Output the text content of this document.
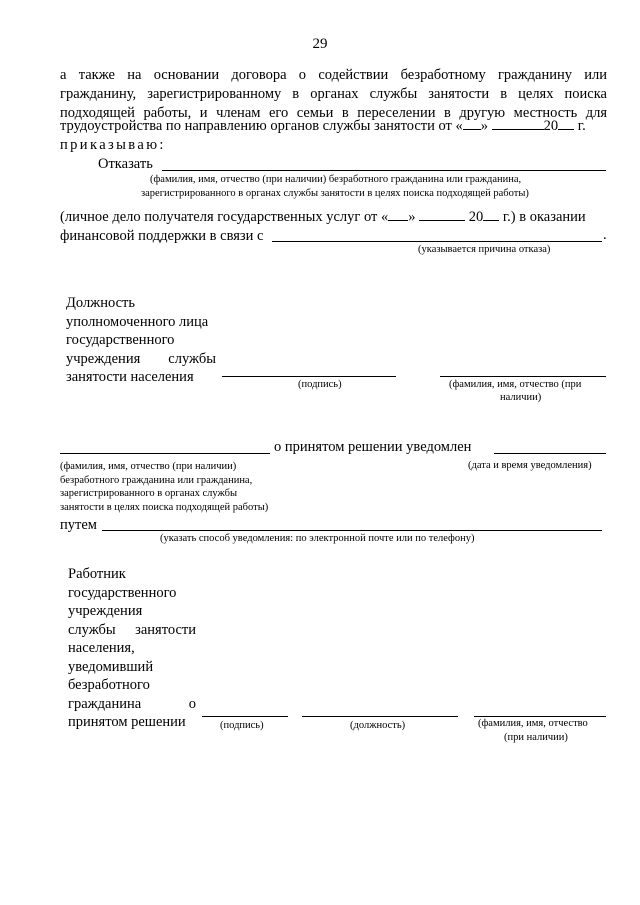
29
а также на основании договора о содействии безработному гражданину или
гражданину, зарегистрированному в органах службы занятости в целях поиска
подходящей работы, и членам его семьи в переселении в другую местность для
трудоустройства по направлению органов службы занятости от « »	20 г.
приказываю:
Отказать
(фамилия, имя, отчество (при наличии) безработного гражданина или гражданина,
зарегистрированного в органах службы занятости в целях поиска подходящей работы)
(личное дело получателя государственных услуг от « »	20 г.) в оказании
финансовой поддержки в связи с	.
(указывается причина отказа)
Должность
уполномоченного лица
государственного
учреждения службы
занятости населения	(подпись)	(фамилия, имя, отчество (при
наличии)
о принятом решении уведомлен
(фамилия, имя, отчество (при наличии)
безработного гражданина или гражданина,
зарегистрированного в органах службы
занятости в целях поиска подходящей работы)
(дата и время уведомления)
путем
(указать способ уведомления: по электронной почте или по телефону)
Работник
государственного
учреждения
службы занятости
населения,
уведомивший
безработного
гражданина о
принятом решении	(подпись)	(должность)	(фамилия, имя, отчество
(при наличии)
